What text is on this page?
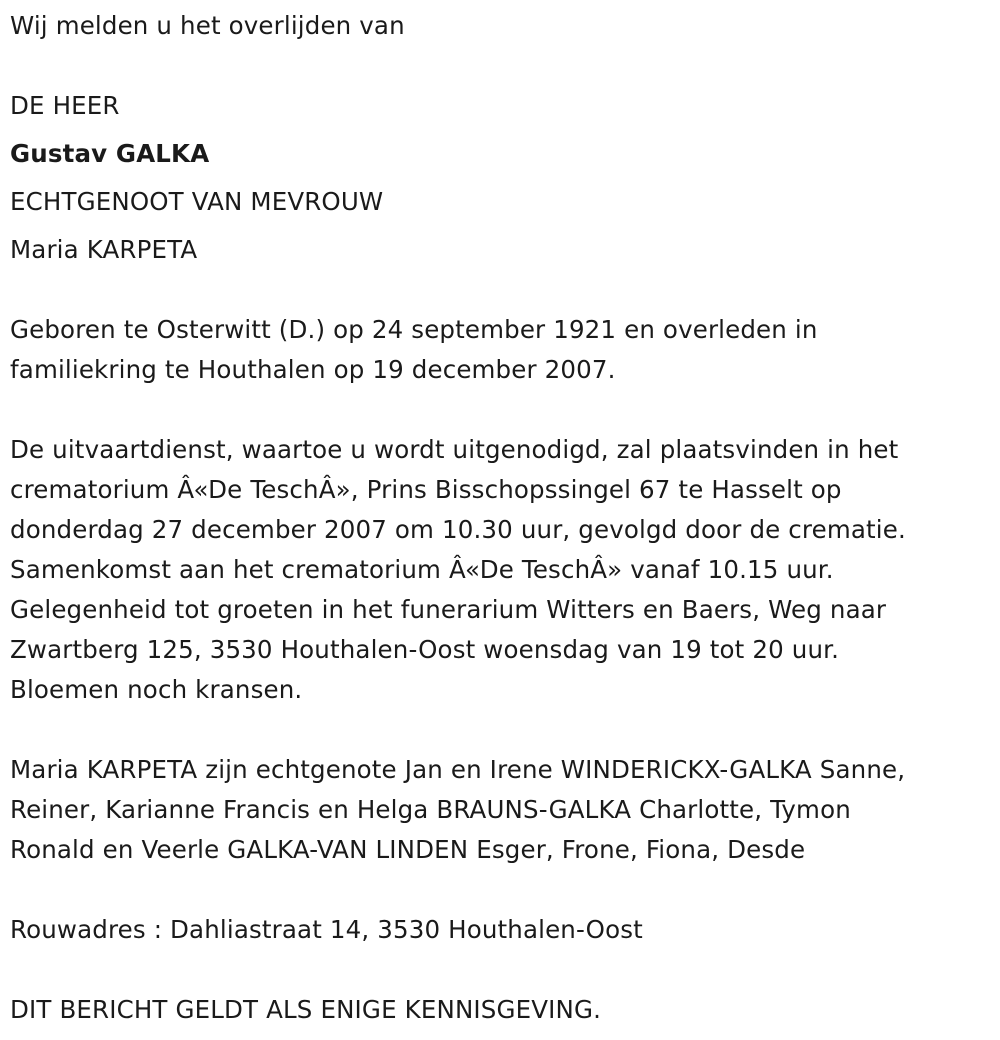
Wij melden u het overlijden van

DE HEER

Gustav GALKA

ECHTGENOOT VAN MEVROUW

Maria KARPETA

Geboren te Osterwitt (D.) op 24 september 1921 en overleden in

familiekring te Houthalen op 19 december 2007.

De uitvaartdienst, waartoe u wordt uitgenodigd, zal plaatsvinden in het

crematorium Â«De TeschÂ», Prins Bisschopssingel 67 te Hasselt op

donderdag 27 december 2007 om 10.30 uur, gevolgd door de crematie.

Samenkomst aan het crematorium Â«De TeschÂ» vanaf 10.15 uur.

Gelegenheid tot groeten in het funerarium Witters en Baers, Weg naar

Zwartberg 125, 3530 Houthalen-Oost woensdag van 19 tot 20 uur.

Bloemen noch kransen.

Maria KARPETA zijn echtgenote Jan en Irene WINDERICKX-GALKA Sanne,

Reiner, Karianne Francis en Helga BRAUNS-GALKA Charlotte, Tymon

Ronald en Veerle GALKA-VAN LINDEN Esger, Frone, Fiona, Desde

Rouwadres : Dahliastraat 14, 3530 Houthalen-Oost

DIT BERICHT GELDT ALS ENIGE KENNISGEVING.
